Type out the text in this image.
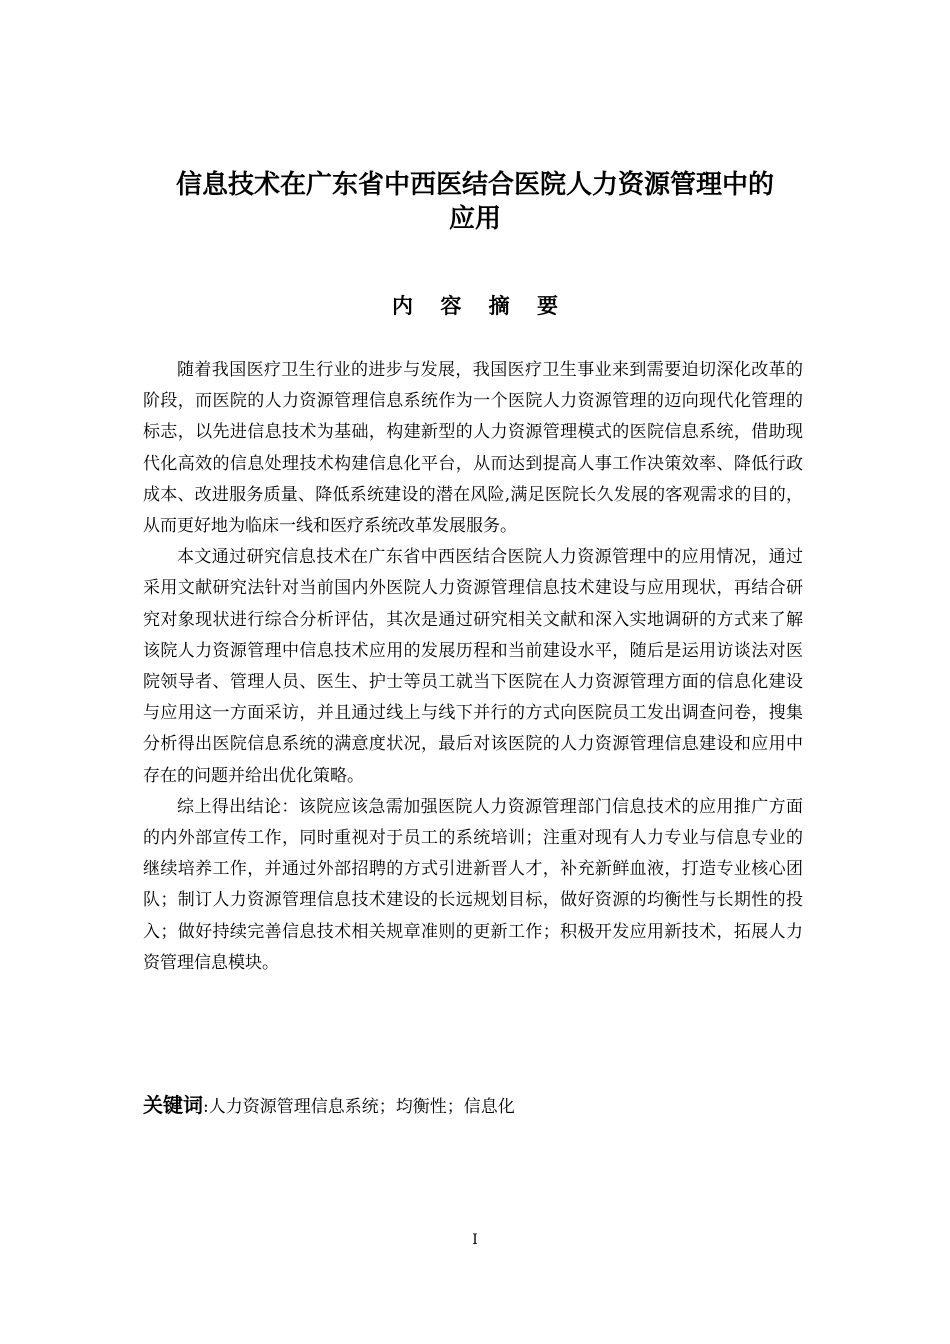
信息技术在广东省中西医结合医院人力资源管理中的
应用
内 容 摘 要

随着我国医疗卫生行业的进步与发展，我国医疗卫生事业来到需要迫切深化改革的阶段，而医院的人力资源管理信息系统作为一个医院人力资源管理的迈向现代化管理的标志，以先进信息技术为基础，构建新型的人力资源管理模式的医院信息系统，借助现代化高效的信息处理技术构建信息化平台，从而达到提高人事工作决策效率、降低行政成本、改进服务质量、降低系统建设的潜在风险,满足医院长久发展的客观需求的目的，从而更好地为临床一线和医疗系统改革发展服务。

本文通过研究信息技术在广东省中西医结合医院人力资源管理中的应用情况，通过采用文献研究法针对当前国内外医院人力资源管理信息技术建设与应用现状，再结合研究对象现状进行综合分析评估，其次是通过研究相关文献和深入实地调研的方式来了解该院人力资源管理中信息技术应用的发展历程和当前建设水平，随后是运用访谈法对医院领导者、管理人员、医生、护士等员工就当下医院在人力资源管理方面的信息化建设与应用这一方面采访，并且通过线上与线下并行的方式向医院员工发出调查问卷，搜集分析得出医院信息系统的满意度状况，最后对该医院的人力资源管理信息建设和应用中存在的问题并给出优化策略。

综上得出结论：该院应该急需加强医院人力资源管理部门信息技术的应用推广方面的内外部宣传工作，同时重视对于员工的系统培训；注重对现有人力专业与信息专业的继续培养工作，并通过外部招聘的方式引进新晋人才，补充新鲜血液，打造专业核心团队；制订人力资源管理信息技术建设的长远规划目标，做好资源的均衡性与长期性的投入；做好持续完善信息技术相关规章准则的更新工作；积极开发应用新技术，拓展人力资管理信息模块。

关键词:人力资源管理信息系统；均衡性；信息化
I
